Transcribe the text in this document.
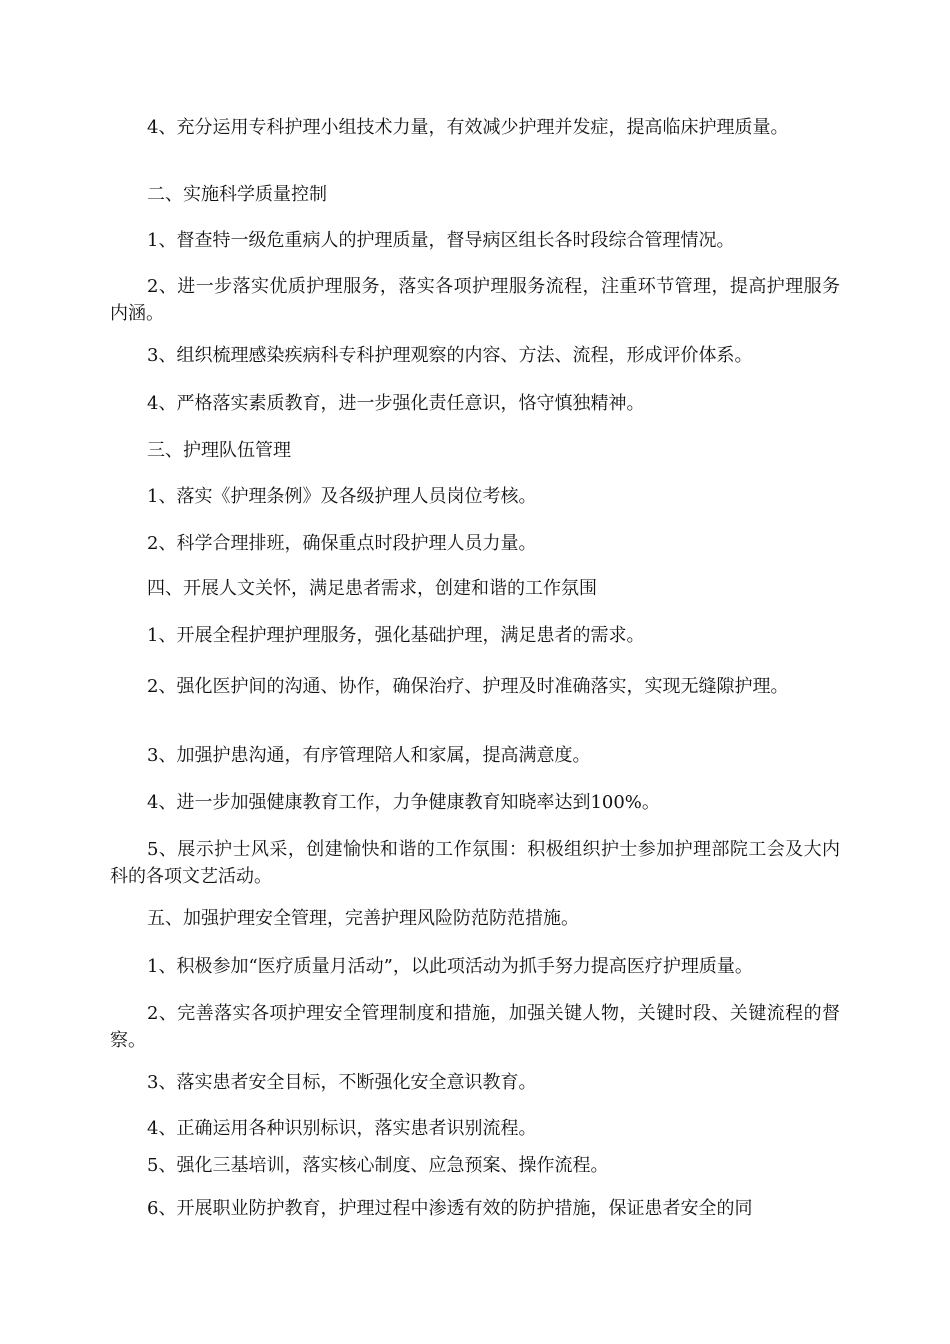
4、充分运用专科护理小组技术力量，有效减少护理并发症，提高临床护理质量。

二、实施科学质量控制

1、督查特一级危重病人的护理质量，督导病区组长各时段综合管理情况。

2、进一步落实优质护理服务，落实各项护理服务流程，注重环节管理，提高护理服务内涵。

3、组织梳理感染疾病科专科护理观察的内容、方法、流程，形成评价体系。

4、严格落实素质教育，进一步强化责任意识，恪守慎独精神。

三、护理队伍管理

1、落实《护理条例》及各级护理人员岗位考核。

2、科学合理排班，确保重点时段护理人员力量。

四、开展人文关怀，满足患者需求，创建和谐的工作氛围

1、开展全程护理护理服务，强化基础护理，满足患者的需求。

2、强化医护间的沟通、协作，确保治疗、护理及时准确落实，实现无缝隙护理。

3、加强护患沟通，有序管理陪人和家属，提高满意度。

4、进一步加强健康教育工作，力争健康教育知晓率达到100%。

5、展示护士风采，创建愉快和谐的工作氛围：积极组织护士参加护理部院工会及大内科的各项文艺活动。

五、加强护理安全管理，完善护理风险防范防范措施。

1、积极参加“医疗质量月活动”，以此项活动为抓手努力提高医疗护理质量。

2、完善落实各项护理安全管理制度和措施，加强关键人物，关键时段、关键流程的督察。

3、落实患者安全目标，不断强化安全意识教育。

4、正确运用各种识别标识，落实患者识别流程。

5、强化三基培训，落实核心制度、应急预案、操作流程。

6、开展职业防护教育，护理过程中渗透有效的防护措施，保证患者安全的同
